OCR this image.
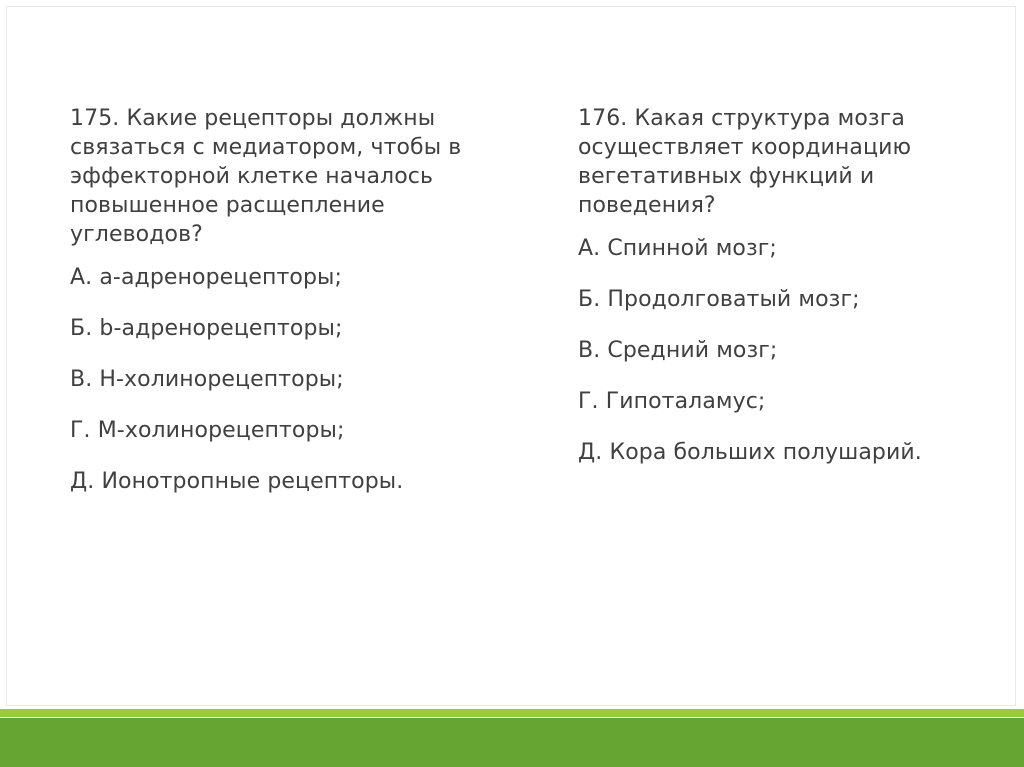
175. Какие рецепторы должны связаться с медиатором, чтобы в эффекторной клетке началось повышенное расщепление углеводов?

А. a-адренорецепторы;

Б. b-адренорецепторы;

В. Н-холинорецепторы;

Г. М-холинорецепторы;

Д. Ионотропные рецепторы.

176. Какая структура мозга осуществляет координацию вегетативных функций и поведения?

А. Спинной мозг;

Б. Продолговатый мозг;

В. Средний мозг;

Г. Гипоталамус;

Д. Кора больших полушарий.
